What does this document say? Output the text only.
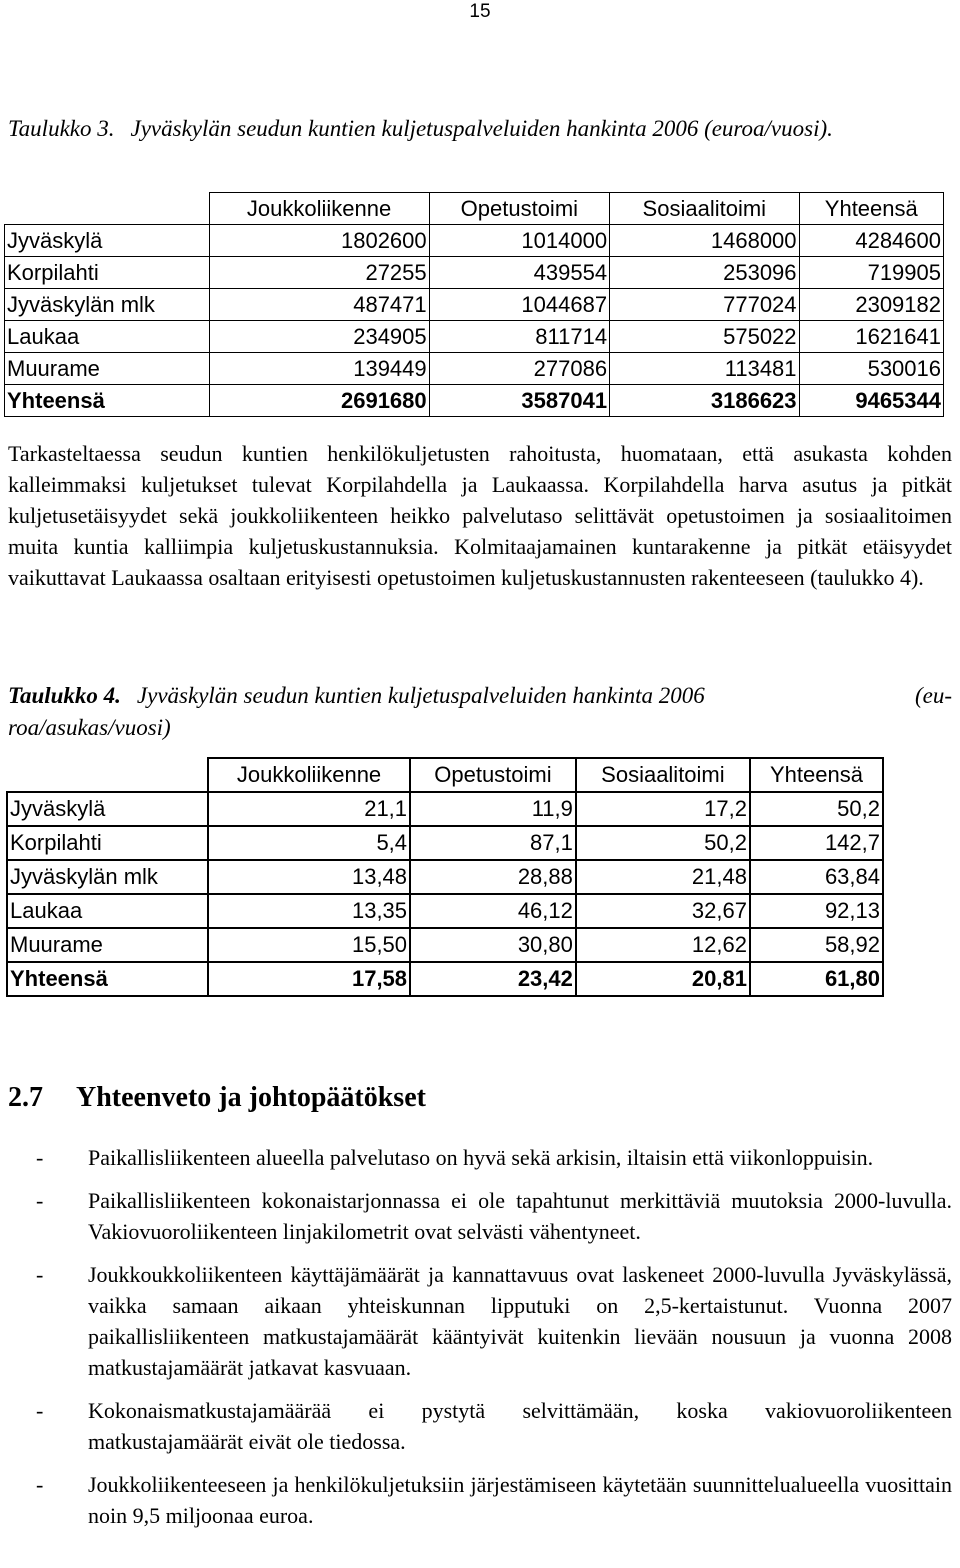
15
Taulukko 3. Jyväskylän seudun kuntien kuljetuspalveluiden hankinta 2006 (euroa/vuosi).
	Joukkoliikenne	Opetustoimi	Sosiaalitoimi	Yhteensä
Jyväskylä	1802600	1014000	1468000	4284600
Korpilahti	27255	439554	253096	719905
Jyväskylän mlk	487471	1044687	777024	2309182
Laukaa	234905	811714	575022	1621641
Muurame	139449	277086	113481	530016
Yhteensä	2691680	3587041	3186623	9465344
Tarkasteltaessa seudun kuntien henkilökuljetusten rahoitusta, huomataan, että asukasta kohden kalleimmaksi kuljetukset tulevat Korpilahdella ja Laukaassa. Korpilahdella harva asutus ja pitkät kuljetusetäisyydet sekä joukkoliikenteen heikko palvelutaso selittävät opetustoimen ja sosiaalitoimen muita kuntia kalliimpia kuljetuskustannuksia. Kolmitaajamainen kuntarakenne ja pitkät etäisyydet vaikuttavat Laukaassa osaltaan erityisesti opetustoimen kuljetuskustannusten rakenteeseen (taulukko 4).
(eu-
Taulukko 4. Jyväskylän seudun kuntien kuljetuspalveluiden hankinta 2006
roa/asukas/vuosi)
	Joukkoliikenne	Opetustoimi	Sosiaalitoimi	Yhteensä
Jyväskylä	21,1	11,9	17,2	50,2
Korpilahti	5,4	87,1	50,2	142,7
Jyväskylän mlk	13,48	28,88	21,48	63,84
Laukaa	13,35	46,12	32,67	92,13
Muurame	15,50	30,80	12,62	58,92
Yhteensä	17,58	23,42	20,81	61,80
2.7 Yhteenveto ja johtopäätökset
- Paikallisliikenteen alueella palvelutaso on hyvä sekä arkisin, iltaisin että viikonloppuisin.
- Paikallisliikenteen kokonaistarjonnassa ei ole tapahtunut merkittäviä muutoksia 2000-luvulla. Vakiovuoroliikenteen linjakilometrit ovat selvästi vähentyneet.
- Joukkoukkoliikenteen käyttäjämäärät ja kannattavuus ovat laskeneet 2000-luvulla Jyväskylässä, vaikka samaan aikaan yhteiskunnan lipputuki on 2,5-kertaistunut. Vuonna 2007 paikallisliikenteen matkustajamäärät kääntyivät kuitenkin lievään nousuun ja vuonna 2008 matkustajamäärät jatkavat kasvuaan.
- Kokonaismatkustajamäärää ei pystytä selvittämään, koska vakiovuoroliikenteen matkustajamäärät eivät ole tiedossa.
- Joukkoliikenteeseen ja henkilökuljetuksiin järjestämiseen käytetään suunnittelualueella vuosittain noin 9,5 miljoonaa euroa.
